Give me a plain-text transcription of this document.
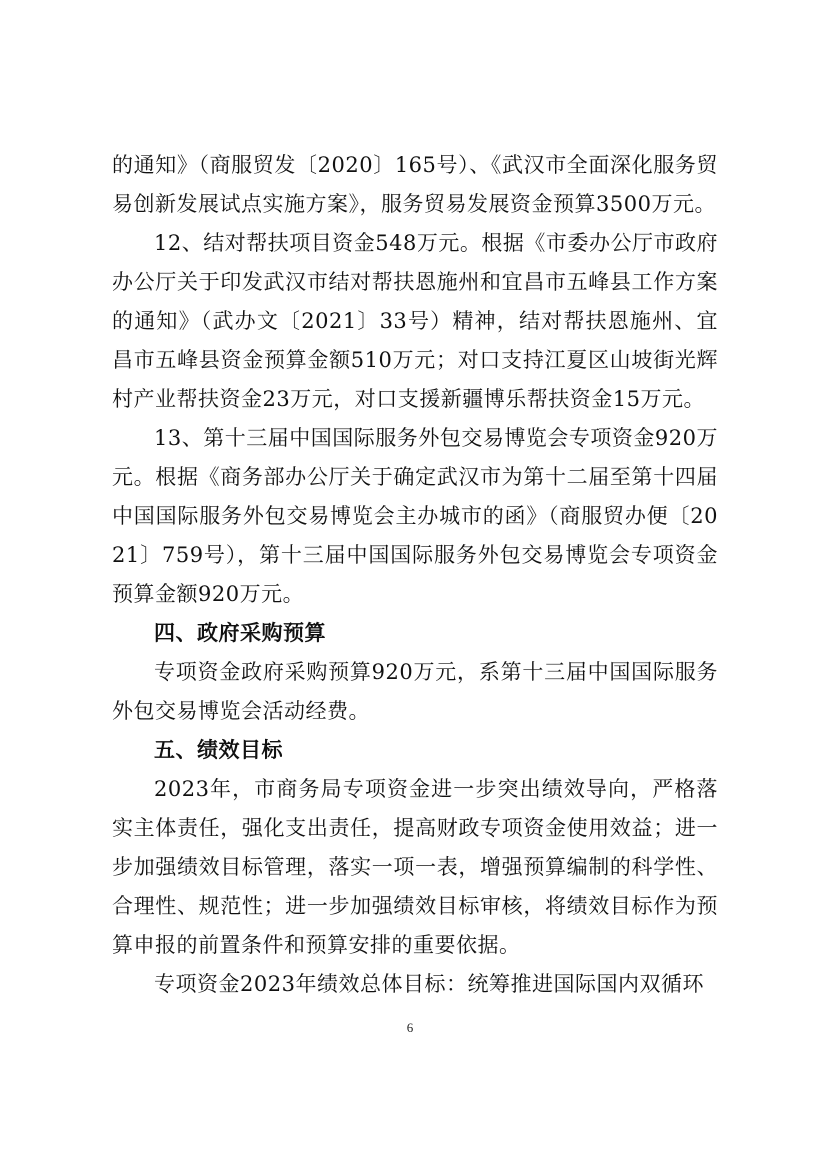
的通知》（商服贸发〔2020〕165号）、《武汉市全面深化服务贸易创新发展试点实施方案》，服务贸易发展资金预算3500万元。

12、结对帮扶项目资金548万元。根据《市委办公厅市政府办公厅关于印发武汉市结对帮扶恩施州和宜昌市五峰县工作方案的通知》（武办文〔2021〕33号）精神，结对帮扶恩施州、宜昌市五峰县资金预算金额510万元；对口支持江夏区山坡街光辉村产业帮扶资金23万元，对口支援新疆博乐帮扶资金15万元。

13、第十三届中国国际服务外包交易博览会专项资金920万元。根据《商务部办公厅关于确定武汉市为第十二届至第十四届中国国际服务外包交易博览会主办城市的函》（商服贸办便〔2021〕759号），第十三届中国国际服务外包交易博览会专项资金预算金额920万元。

四、政府采购预算

专项资金政府采购预算920万元，系第十三届中国国际服务外包交易博览会活动经费。

五、绩效目标

2023年，市商务局专项资金进一步突出绩效导向，严格落实主体责任，强化支出责任，提高财政专项资金使用效益；进一步加强绩效目标管理，落实一项一表，增强预算编制的科学性、合理性、规范性；进一步加强绩效目标审核，将绩效目标作为预算申报的前置条件和预算安排的重要依据。

专项资金2023年绩效总体目标：统筹推进国际国内双循环

6
